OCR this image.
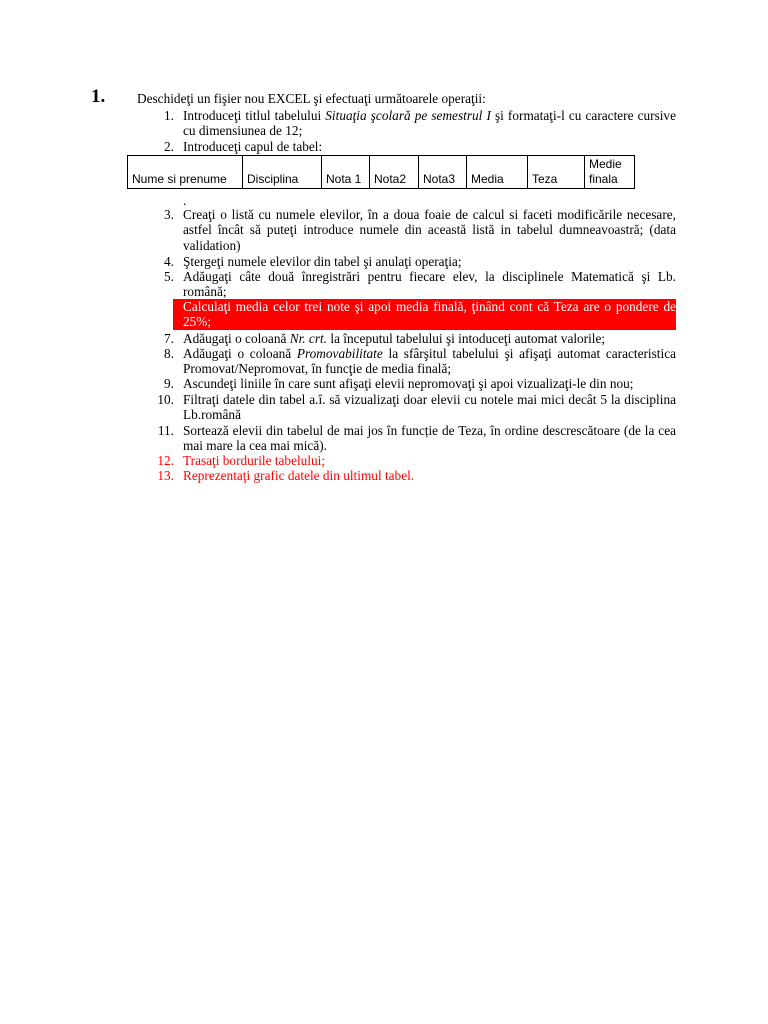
1. Deschideţi un fişier nou EXCEL şi efectuaţi următoarele operaţii:
1. Introduceţi titlul tabelului Situaţia şcolară pe semestrul I şi formataţi-l cu caractere cursive cu dimensiunea de 12;
2. Introduceţi capul de tabel:
Nume si prenume	Disciplina	Nota 1	Nota2	Nota3	Media	Teza	Medie finala
.
3. Creaţi o listă cu numele elevilor, în a doua foaie de calcul si faceti modificările necesare, astfel încât să puteţi introduce numele din această listă in tabelul dumneavoastră; (data validation)
4. Ştergeţi numele elevilor din tabel şi anulaţi operaţia;
5. Adăugaţi câte două înregistrări pentru fiecare elev, la disciplinele Matematică şi Lb. română;
Calculaţi media celor trei note şi apoi media finală, ţinând cont că Teza are o pondere de 25%;
7. Adăugaţi o coloană Nr. crt. la începutul tabelului şi intoduceţi automat valorile;
8. Adăugaţi o coloană Promovabilitate la sfârşitul tabelului şi afişaţi automat caracteristica Promovat/Nepromovat, în funcţie de media finală;
9. Ascundeţi liniile în care sunt afişaţi elevii nepromovaţi şi apoi vizualizaţi-le din nou;
10. Filtraţi datele din tabel a.î. să vizualizaţi doar elevii cu notele mai mici decât 5 la disciplina Lb.română
11. Sortează elevii din tabelul de mai jos în funcție de Teza, în ordine descrescătoare (de la cea mai mare la cea mai mică).
12. Trasaţi bordurile tabelului;
13. Reprezentaţi grafic datele din ultimul tabel.
